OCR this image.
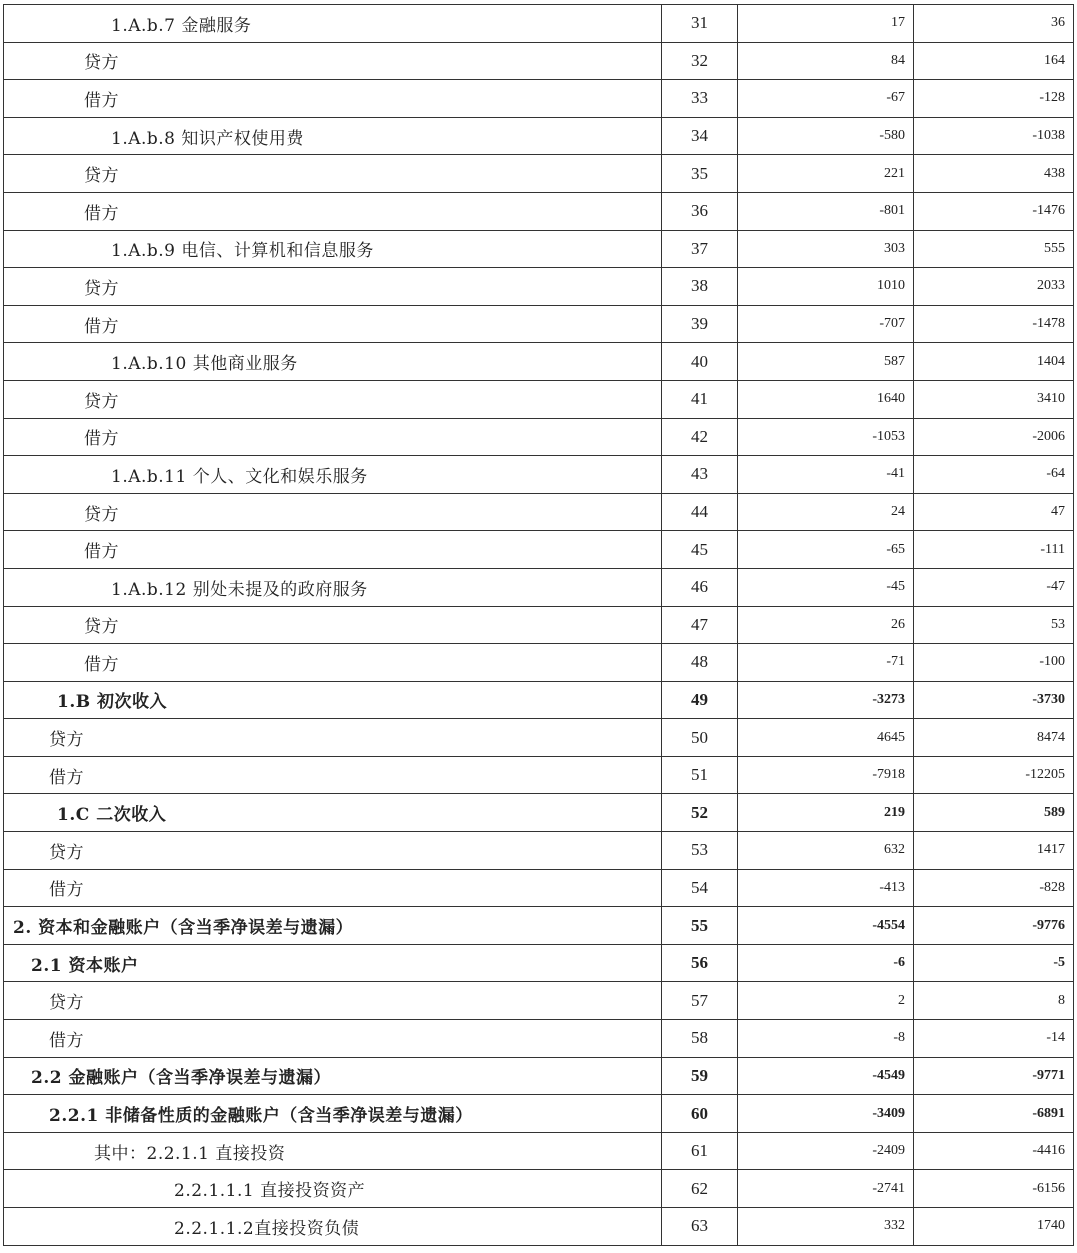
1.A.b.7 金融服务	31	17	36
贷方	32	84	164
借方	33	-67	-128
1.A.b.8 知识产权使用费	34	-580	-1038
贷方	35	221	438
借方	36	-801	-1476
1.A.b.9 电信、计算机和信息服务	37	303	555
贷方	38	1010	2033
借方	39	-707	-1478
1.A.b.10 其他商业服务	40	587	1404
贷方	41	1640	3410
借方	42	-1053	-2006
1.A.b.11 个人、文化和娱乐服务	43	-41	-64
贷方	44	24	47
借方	45	-65	-111
1.A.b.12 别处未提及的政府服务	46	-45	-47
贷方	47	26	53
借方	48	-71	-100
1.B 初次收入	49	-3273	-3730
贷方	50	4645	8474
借方	51	-7918	-12205
1.C 二次收入	52	219	589
贷方	53	632	1417
借方	54	-413	-828
2. 资本和金融账户（含当季净误差与遗漏）	55	-4554	-9776
2.1 资本账户	56	-6	-5
贷方	57	2	8
借方	58	-8	-14
2.2 金融账户（含当季净误差与遗漏）	59	-4549	-9771
2.2.1 非储备性质的金融账户（含当季净误差与遗漏）	60	-3409	-6891
其中：2.2.1.1 直接投资	61	-2409	-4416
2.2.1.1.1 直接投资资产	62	-2741	-6156
2.2.1.1.2直接投资负债	63	332	1740
